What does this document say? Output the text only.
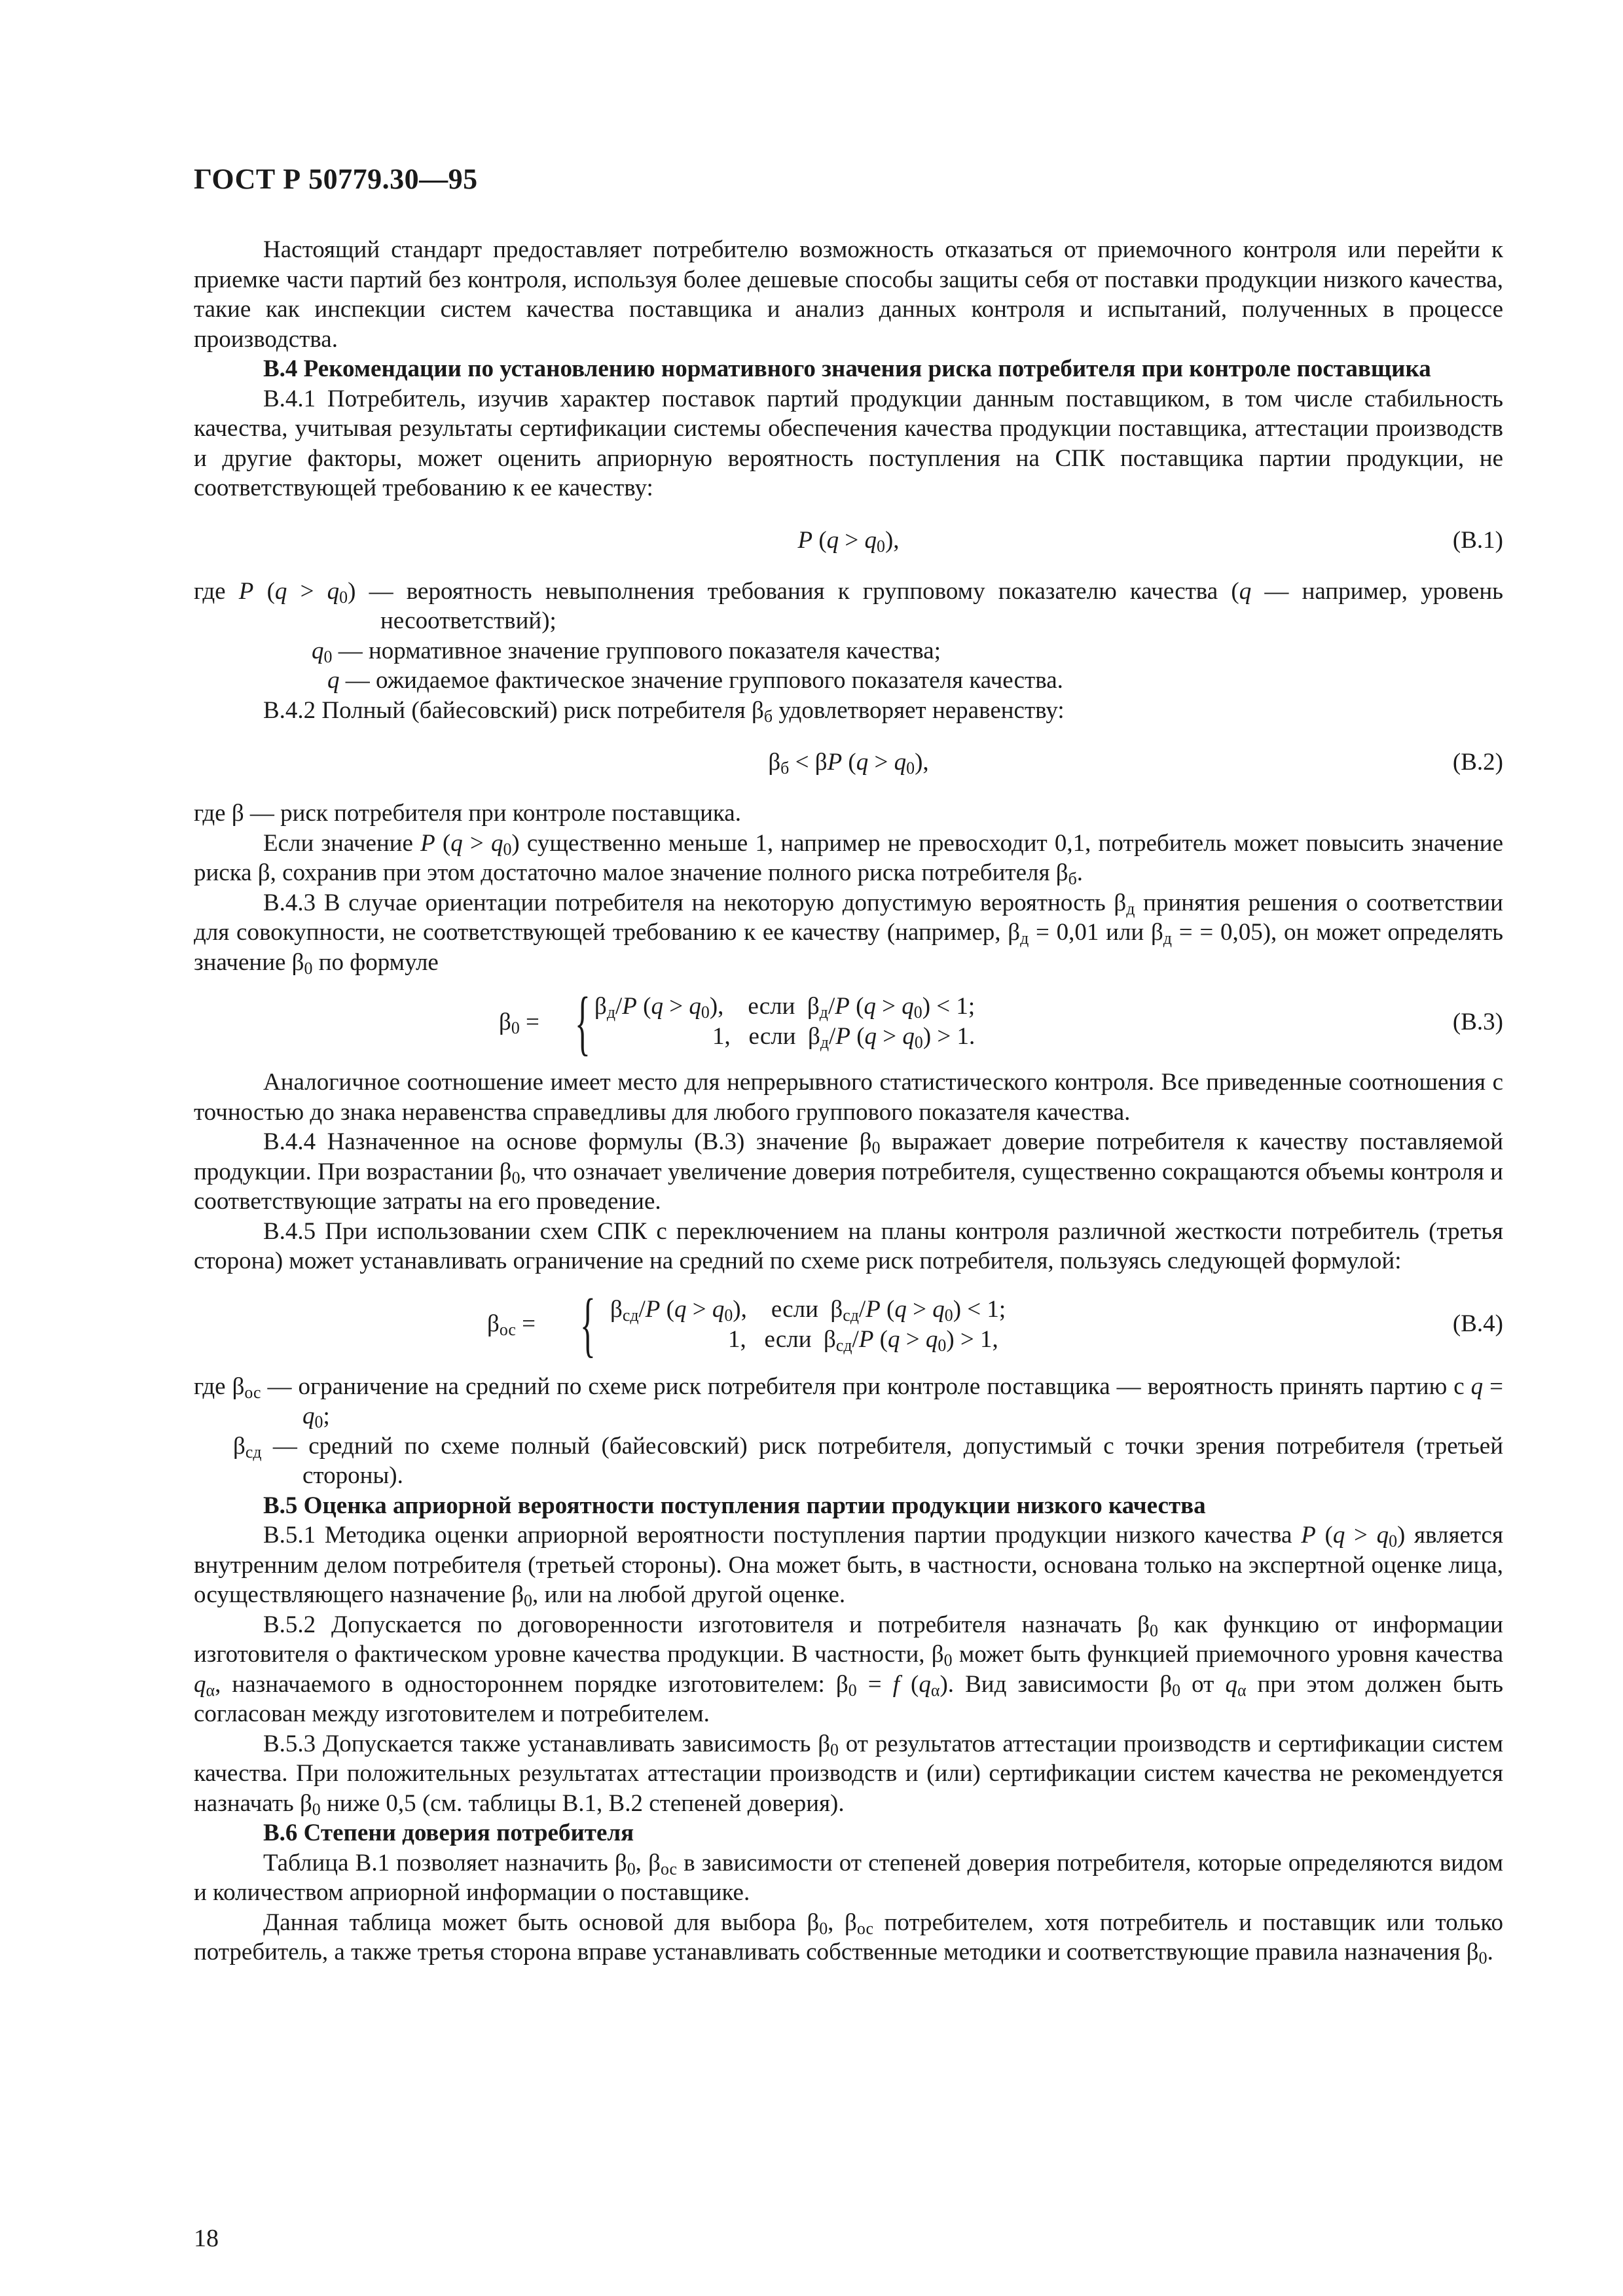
ГОСТ Р 50779.30—95

Настоящий стандарт предоставляет потребителю возможность отказаться от приемочного контроля или перейти к приемке части партий без контроля, используя более дешевые способы защиты себя от поставки продукции низкого качества, такие как инспекции систем качества поставщика и анализ данных контроля и испытаний, полученных в процессе производства.

В.4 Рекомендации по установлению нормативного значения риска потребителя при контроле поставщика

В.4.1 Потребитель, изучив характер поставок партий продукции данным поставщиком, в том числе стабильность качества, учитывая результаты сертификации системы обеспечения качества продукции поставщика, аттестации производств и другие факторы, может оценить априорную вероятность поступления на СПК поставщика партии продукции, не соответствующей требованию к ее качеству:

P $(q > q_0)$,	(В.1)

где P $(q > q_0)$ — вероятность невыполнения требования к групповому показателю качества (q — например, уровень несоответствий);

$q_0$ — нормативное значение группового показателя качества;

q — ожидаемое фактическое значение группового показателя качества.

В.4.2 Полный (байесовский) риск потребителя $\beta_б$ удовлетворяет неравенству:

$\beta_б < \beta P$ $(q > q_0)$,	(В.2)

где β — риск потребителя при контроле поставщика.

Если значение P $(q > q_0)$ существенно меньше 1, например не превосходит 0,1, потребитель может повысить значение риска β, сохранив при этом достаточно малое значение полного риска потребителя $\beta_б$.

В.4.3 В случае ориентации потребителя на некоторую допустимую вероятность $\beta_д$ принятия решения о соответствии для совокупности, не соответствующей требованию к ее качеству (например, $\beta_д = 0,01$ или $\beta_д$ = = 0,05), он может определять значение $\beta_0$ по формуле

$\beta_0$ = { $\beta_д/P$ $(q > q_0)$,    если  $\beta_д/P$ $(q > q_0) < 1$;
1, если  $\beta_д/P$ $(q > q_0) > 1$.
(В.3)

Аналогичное соотношение имеет место для непрерывного статистического контроля. Все приведенные соотношения с точностью до знака неравенства справедливы для любого группового показателя качества.

В.4.4 Назначенное на основе формулы (В.3) значение $\beta_0$ выражает доверие потребителя к качеству поставляемой продукции. При возрастании $\beta_0$, что означает увеличение доверия потребителя, существенно сокращаются объемы контроля и соответствующие затраты на его проведение.

В.4.5 При использовании схем СПК с переключением на планы контроля различной жесткости потребитель (третья сторона) может устанавливать ограничение на средний по схеме риск потребителя, пользуясь следующей формулой:

$\beta_{ос}$ = { $\beta_{сд}/P$ $(q > q_0)$,    если  $\beta_{сд}/P$ $(q > q_0) < 1$;
1, если  $\beta_{сд}/P$ $(q > q_0) > 1$,
(В.4)

где $\beta_{ос}$ — ограничение на средний по схеме риск потребителя при контроле поставщика — вероятность принять партию с $q = q_0$;

$\beta_{сд}$ — средний по схеме полный (байесовский) риск потребителя, допустимый с точки зрения потребителя (третьей стороны).

В.5 Оценка априорной вероятности поступления партии продукции низкого качества

В.5.1 Методика оценки априорной вероятности поступления партии продукции низкого качества P $(q > q_0)$ является внутренним делом потребителя (третьей стороны). Она может быть, в частности, основана только на экспертной оценке лица, осуществляющего назначение $\beta_0$, или на любой другой оценке.

В.5.2 Допускается по договоренности изготовителя и потребителя назначать $\beta_0$ как функцию от информации изготовителя о фактическом уровне качества продукции. В частности, $\beta_0$ может быть функцией приемочного уровня качества $q_\alpha$, назначаемого в одностороннем порядке изготовителем: $\beta_0 = f$ $(q_\alpha)$. Вид зависимости $\beta_0$ от $q_\alpha$ при этом должен быть согласован между изготовителем и потребителем.

В.5.3 Допускается также устанавливать зависимость $\beta_0$ от результатов аттестации производств и сертификации систем качества. При положительных результатах аттестации производств и (или) сертификации систем качества не рекомендуется назначать $\beta_0$ ниже 0,5 (см. таблицы В.1, В.2 степеней доверия).

В.6 Степени доверия потребителя

Таблица В.1 позволяет назначить $\beta_0$, $\beta_{ос}$ в зависимости от степеней доверия потребителя, которые определяются видом и количеством априорной информации о поставщике.

Данная таблица может быть основой для выбора $\beta_0$, $\beta_{ос}$ потребителем, хотя потребитель и поставщик или только потребитель, а также третья сторона вправе устанавливать собственные методики и соответствующие правила назначения $\beta_0$.

18
